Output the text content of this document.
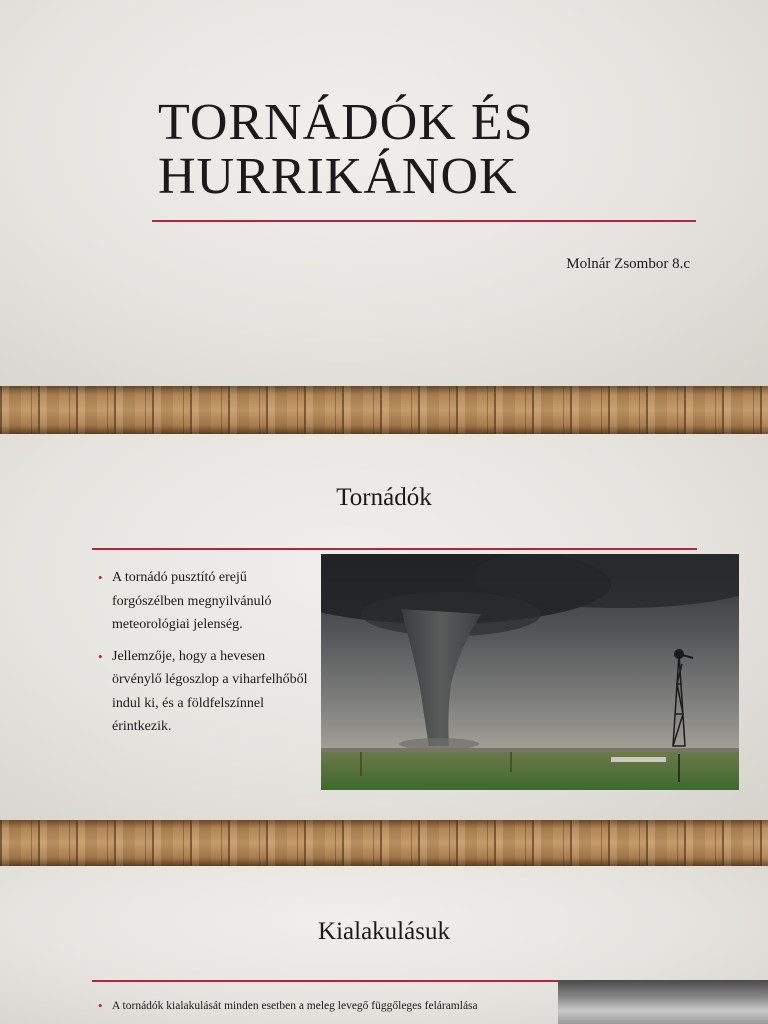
TORNÁDÓK ÉS
HURRIKÁNOK
Molnár Zsombor 8.c
Tornádók
• A tornádó pusztító erejű forgószélben megnyilvánuló meteorológiai jelenség.
• Jellemzője, hogy a hevesen örvénylő légoszlop a viharfelhőből indul ki, és a földfelszínnel érintkezik.
Kialakulásuk
• A tornádók kialakulását minden esetben a meleg levegő függőleges feláramlása
